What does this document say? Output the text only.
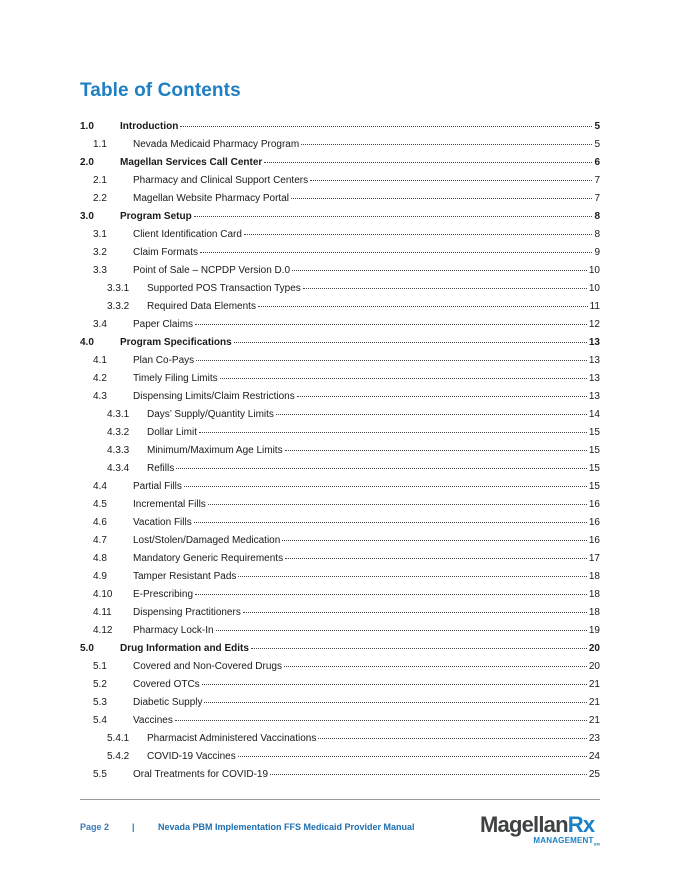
Table of Contents
1.0	Introduction	5
1.1	Nevada Medicaid Pharmacy Program	5
2.0	Magellan Services Call Center	6
2.1	Pharmacy and Clinical Support Centers	7
2.2	Magellan Website Pharmacy Portal	7
3.0	Program Setup	8
3.1	Client Identification Card	8
3.2	Claim Formats	9
3.3	Point of Sale – NCPDP Version D.0	10
3.3.1	Supported POS Transaction Types	10
3.3.2	Required Data Elements	11
3.4	Paper Claims	12
4.0	Program Specifications	13
4.1	Plan Co-Pays	13
4.2	Timely Filing Limits	13
4.3	Dispensing Limits/Claim Restrictions	13
4.3.1	Days’ Supply/Quantity Limits	14
4.3.2	Dollar Limit	15
4.3.3	Minimum/Maximum Age Limits	15
4.3.4	Refills	15
4.4	Partial Fills	15
4.5	Incremental Fills	16
4.6	Vacation Fills	16
4.7	Lost/Stolen/Damaged Medication	16
4.8	Mandatory Generic Requirements	17
4.9	Tamper Resistant Pads	18
4.10	E-Prescribing	18
4.11	Dispensing Practitioners	18
4.12	Pharmacy Lock-In	19
5.0	Drug Information and Edits	20
5.1	Covered and Non-Covered Drugs	20
5.2	Covered OTCs	21
5.3	Diabetic Supply	21
5.4	Vaccines	21
5.4.1	Pharmacist Administered Vaccinations	23
5.4.2	COVID-19 Vaccines	24
5.5	Oral Treatments for COVID-19	25
Page 2	|	Nevada PBM Implementation FFS Medicaid Provider Manual	MagellanRx
$MANAGEMENT_{SM}$
